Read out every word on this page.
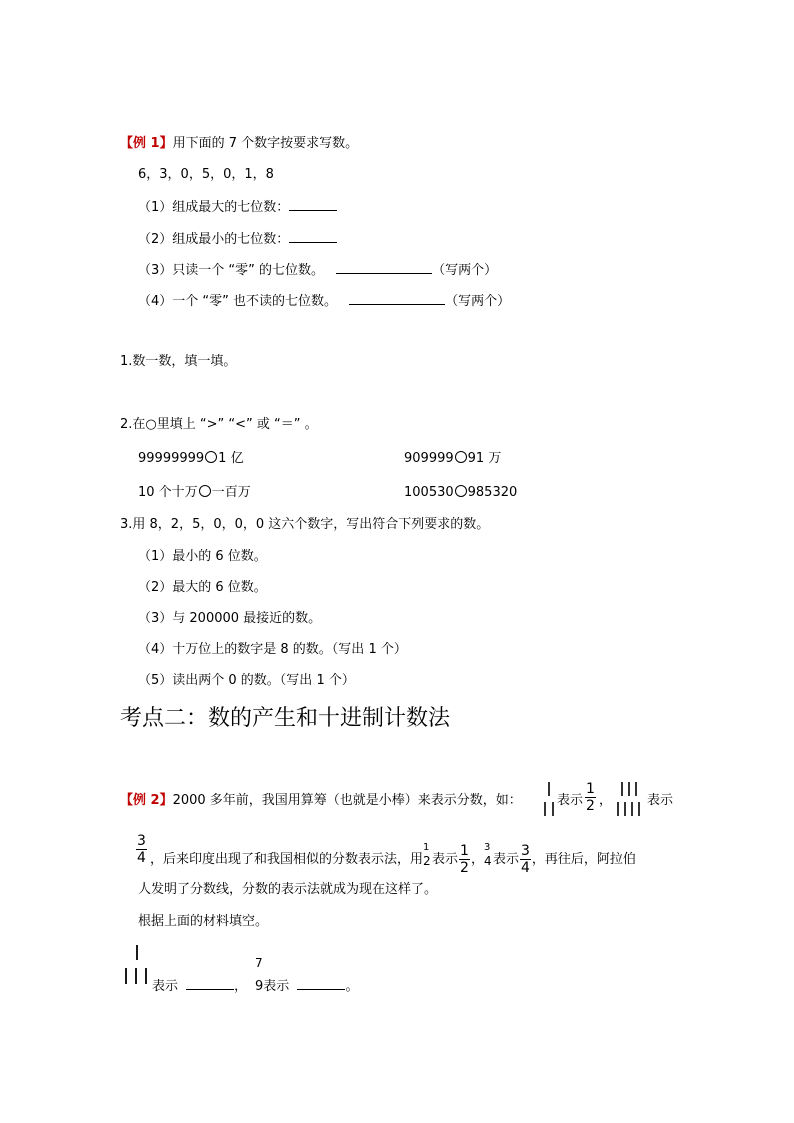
【例 1】用下面的 7 个数字按要求写数。
6，3，0，5，0，1，8
（1）组成最大的七位数：
（2）组成最小的七位数：
（3）只读一个 “零” 的七位数。	（写两个）
（4）一个 “零” 也不读的七位数。	（写两个）
1.数一数，填一填。
2.在○里填上 “>” “<” 或 “＝” 。
99999999 1 亿	909999 91 万
10 个十万 一百万	100530 985320
3.用 8，2，5，0，0，0 这六个数字，写出符合下列要求的数。
（1）最小的 6 位数。
（2）最大的 6 位数。
（3）与 200000 最接近的数。
（4）十万位上的数字是 8 的数。（写出 1 个）
（5）读出两个 0 的数。（写出 1 个）
考点二：数的产生和十进制计数法
【例 2】2000 多年前，我国用算筹（也就是小棒）来表示分数，如：	表示 $\frac{1}{2}$ ，	表示
$\frac{3}{4}$ ，后来印度出现了和我国相似的分数表示法，用
1
2 表示 $\frac{1}{2}$ ，
3
4 表示 $\frac{3}{4}$ ，再往后，阿拉伯
人发明了分数线，分数的表示法就成为现在这样了。
根据上面的材料填空。
表示	，
7
9表示	。
